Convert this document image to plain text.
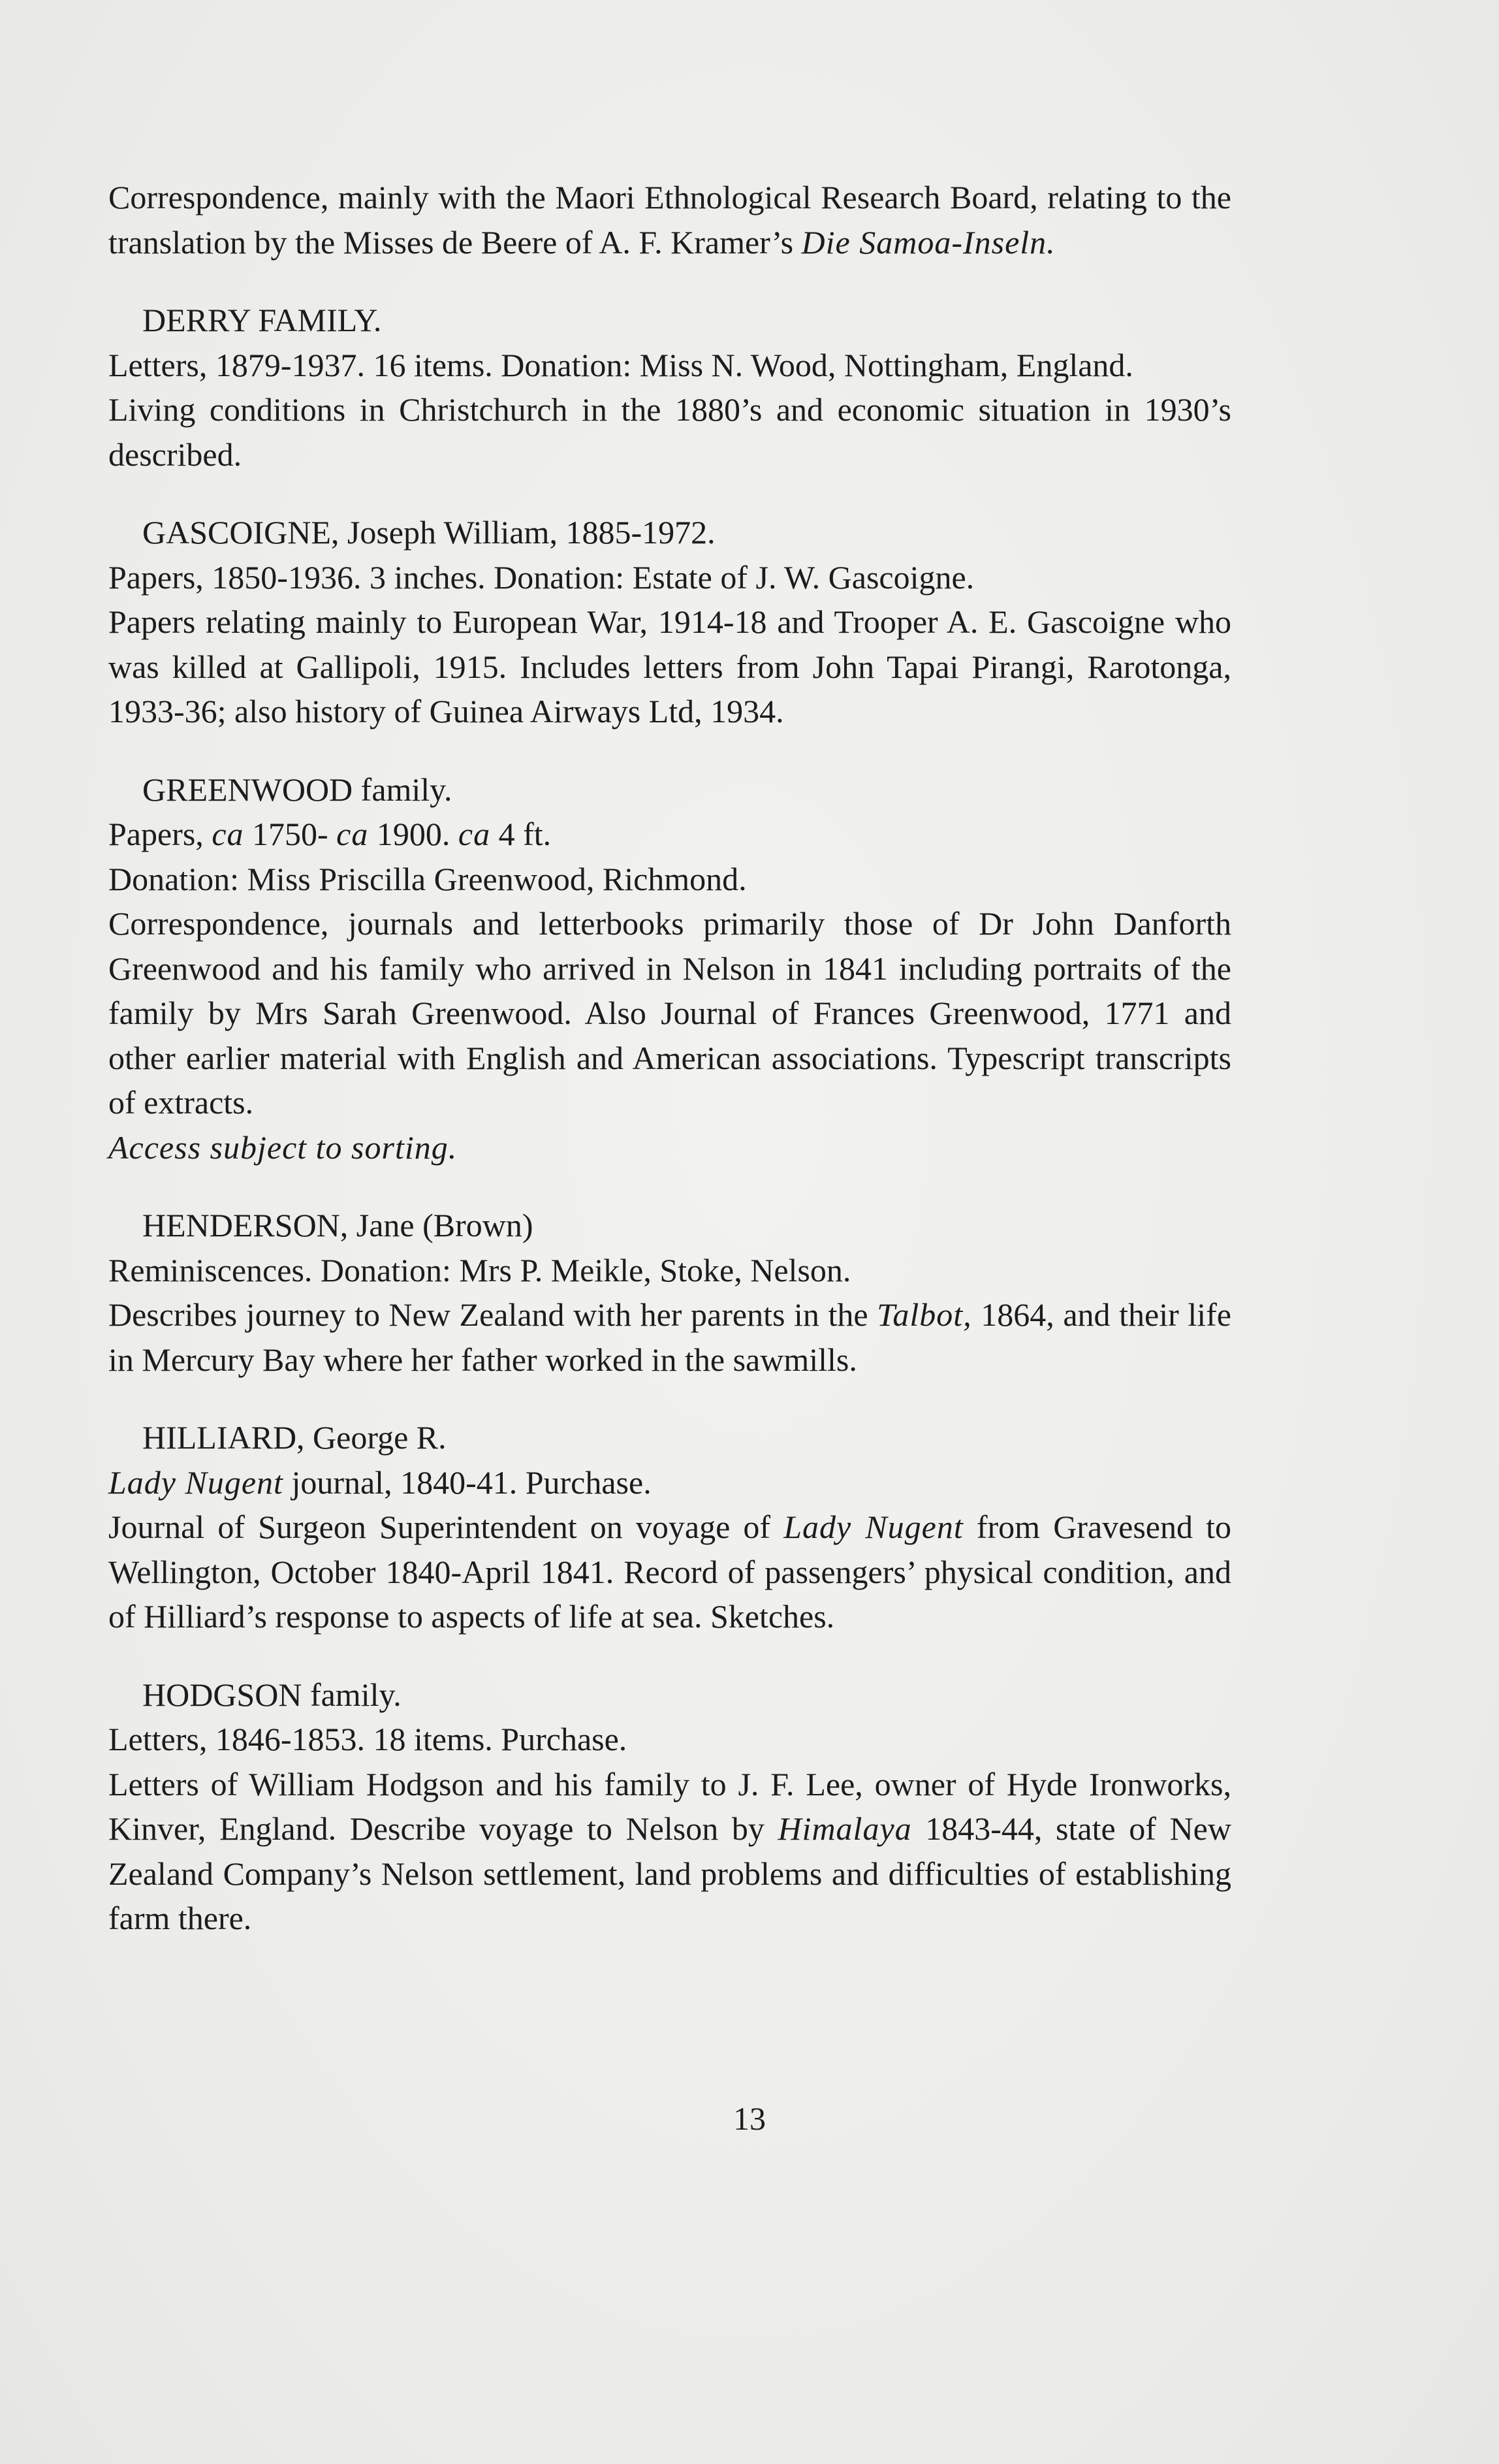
Correspondence, mainly with the Maori Ethnological Research Board, relating to the translation by the Misses de Beere of A. F. Kramer’s Die Samoa-Inseln.

DERRY FAMILY.

Letters, 1879-1937. 16 items. Donation: Miss N. Wood, Nottingham, England.

Living conditions in Christchurch in the 1880’s and economic situation in 1930’s described.

GASCOIGNE, Joseph William, 1885-1972.

Papers, 1850-1936. 3 inches. Donation: Estate of J. W. Gascoigne.

Papers relating mainly to European War, 1914-18 and Trooper A. E. Gascoigne who was killed at Gallipoli, 1915. Includes letters from John Tapai Pirangi, Rarotonga, 1933-36; also history of Guinea Airways Ltd, 1934.

GREENWOOD family.

Papers, ca 1750- ca 1900. ca 4 ft.

Donation: Miss Priscilla Greenwood, Richmond.

Correspondence, journals and letterbooks primarily those of Dr John Danforth Greenwood and his family who arrived in Nelson in 1841 including portraits of the family by Mrs Sarah Greenwood. Also Journal of Frances Greenwood, 1771 and other earlier material with English and American associations. Typescript transcripts of extracts.

Access subject to sorting.

HENDERSON, Jane (Brown)

Reminiscences. Donation: Mrs P. Meikle, Stoke, Nelson.

Describes journey to New Zealand with her parents in the Talbot, 1864, and their life in Mercury Bay where her father worked in the sawmills.

HILLIARD, George R.

Lady Nugent journal, 1840-41. Purchase.

Journal of Surgeon Superintendent on voyage of Lady Nugent from Gravesend to Wellington, October 1840-April 1841. Record of passengers’ physical condition, and of Hilliard’s response to aspects of life at sea. Sketches.

HODGSON family.

Letters, 1846-1853. 18 items. Purchase.

Letters of William Hodgson and his family to J. F. Lee, owner of Hyde Ironworks, Kinver, England. Describe voyage to Nelson by Himalaya 1843-44, state of New Zealand Company’s Nelson settlement, land problems and difficulties of establishing farm there.

13
